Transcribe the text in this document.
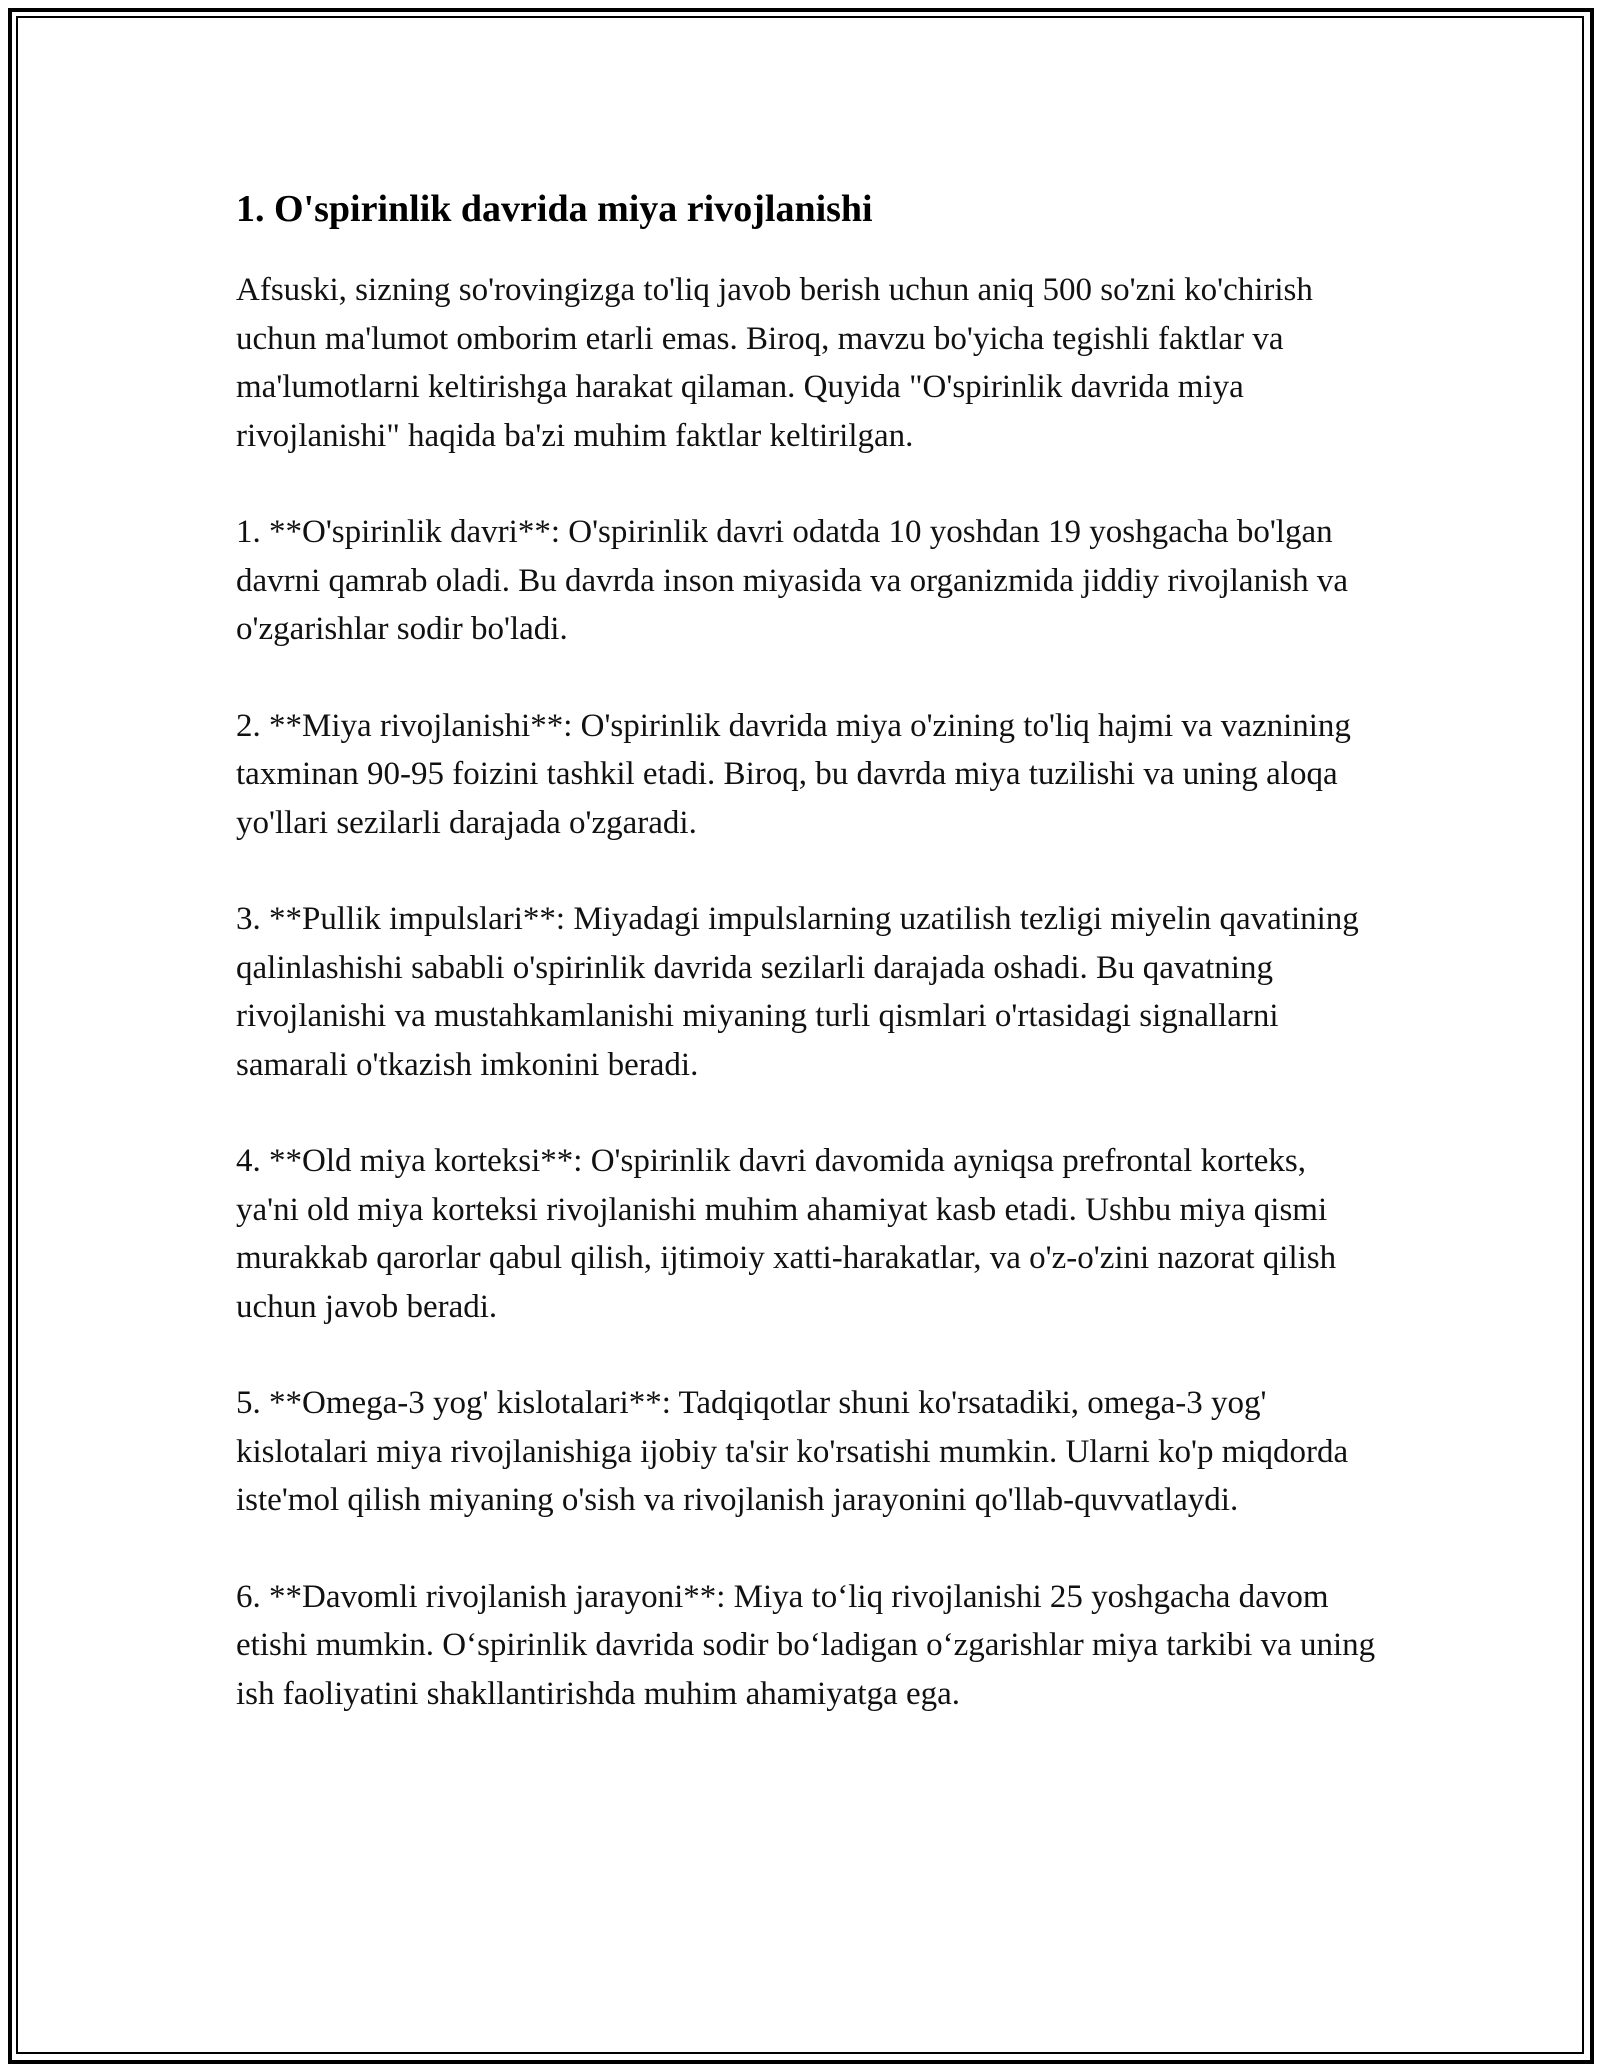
1. O'spirinlik davrida miya rivojlanishi

Afsuski, sizning so'rovingizga to'liq javob berish uchun aniq 500 so'zni ko'chirish uchun ma'lumot omborim etarli emas. Biroq, mavzu bo'yicha tegishli faktlar va ma'lumotlarni keltirishga harakat qilaman. Quyida "O'spirinlik davrida miya rivojlanishi" haqida ba'zi muhim faktlar keltirilgan.

1. **O'spirinlik davri**: O'spirinlik davri odatda 10 yoshdan 19 yoshgacha bo'lgan davrni qamrab oladi. Bu davrda inson miyasida va organizmida jiddiy rivojlanish va o'zgarishlar sodir bo'ladi.

2. **Miya rivojlanishi**: O'spirinlik davrida miya o'zining to'liq hajmi va vaznining taxminan 90-95 foizini tashkil etadi. Biroq, bu davrda miya tuzilishi va uning aloqa yo'llari sezilarli darajada o'zgaradi.

3. **Pullik impulslari**: Miyadagi impulslarning uzatilish tezligi miyelin qavatining qalinlashishi sababli o'spirinlik davrida sezilarli darajada oshadi. Bu qavatning rivojlanishi va mustahkamlanishi miyaning turli qismlari o'rtasidagi signallarni samarali o'tkazish imkonini beradi.

4. **Old miya korteksi**: O'spirinlik davri davomida ayniqsa prefrontal korteks, ya'ni old miya korteksi rivojlanishi muhim ahamiyat kasb etadi. Ushbu miya qismi murakkab qarorlar qabul qilish, ijtimoiy xatti-harakatlar, va o'z-o'zini nazorat qilish uchun javob beradi.

5. **Omega-3 yog' kislotalari**: Tadqiqotlar shuni ko'rsatadiki, omega-3 yog' kislotalari miya rivojlanishiga ijobiy ta'sir ko'rsatishi mumkin. Ularni ko'p miqdorda iste'mol qilish miyaning o'sish va rivojlanish jarayonini qo'llab-quvvatlaydi.

6. **Davomli rivojlanish jarayoni**: Miya to‘liq rivojlanishi 25 yoshgacha davom etishi mumkin. O‘spirinlik davrida sodir bo‘ladigan o‘zgarishlar miya tarkibi va uning ish faoliyatini shakllantirishda muhim ahamiyatga ega.
